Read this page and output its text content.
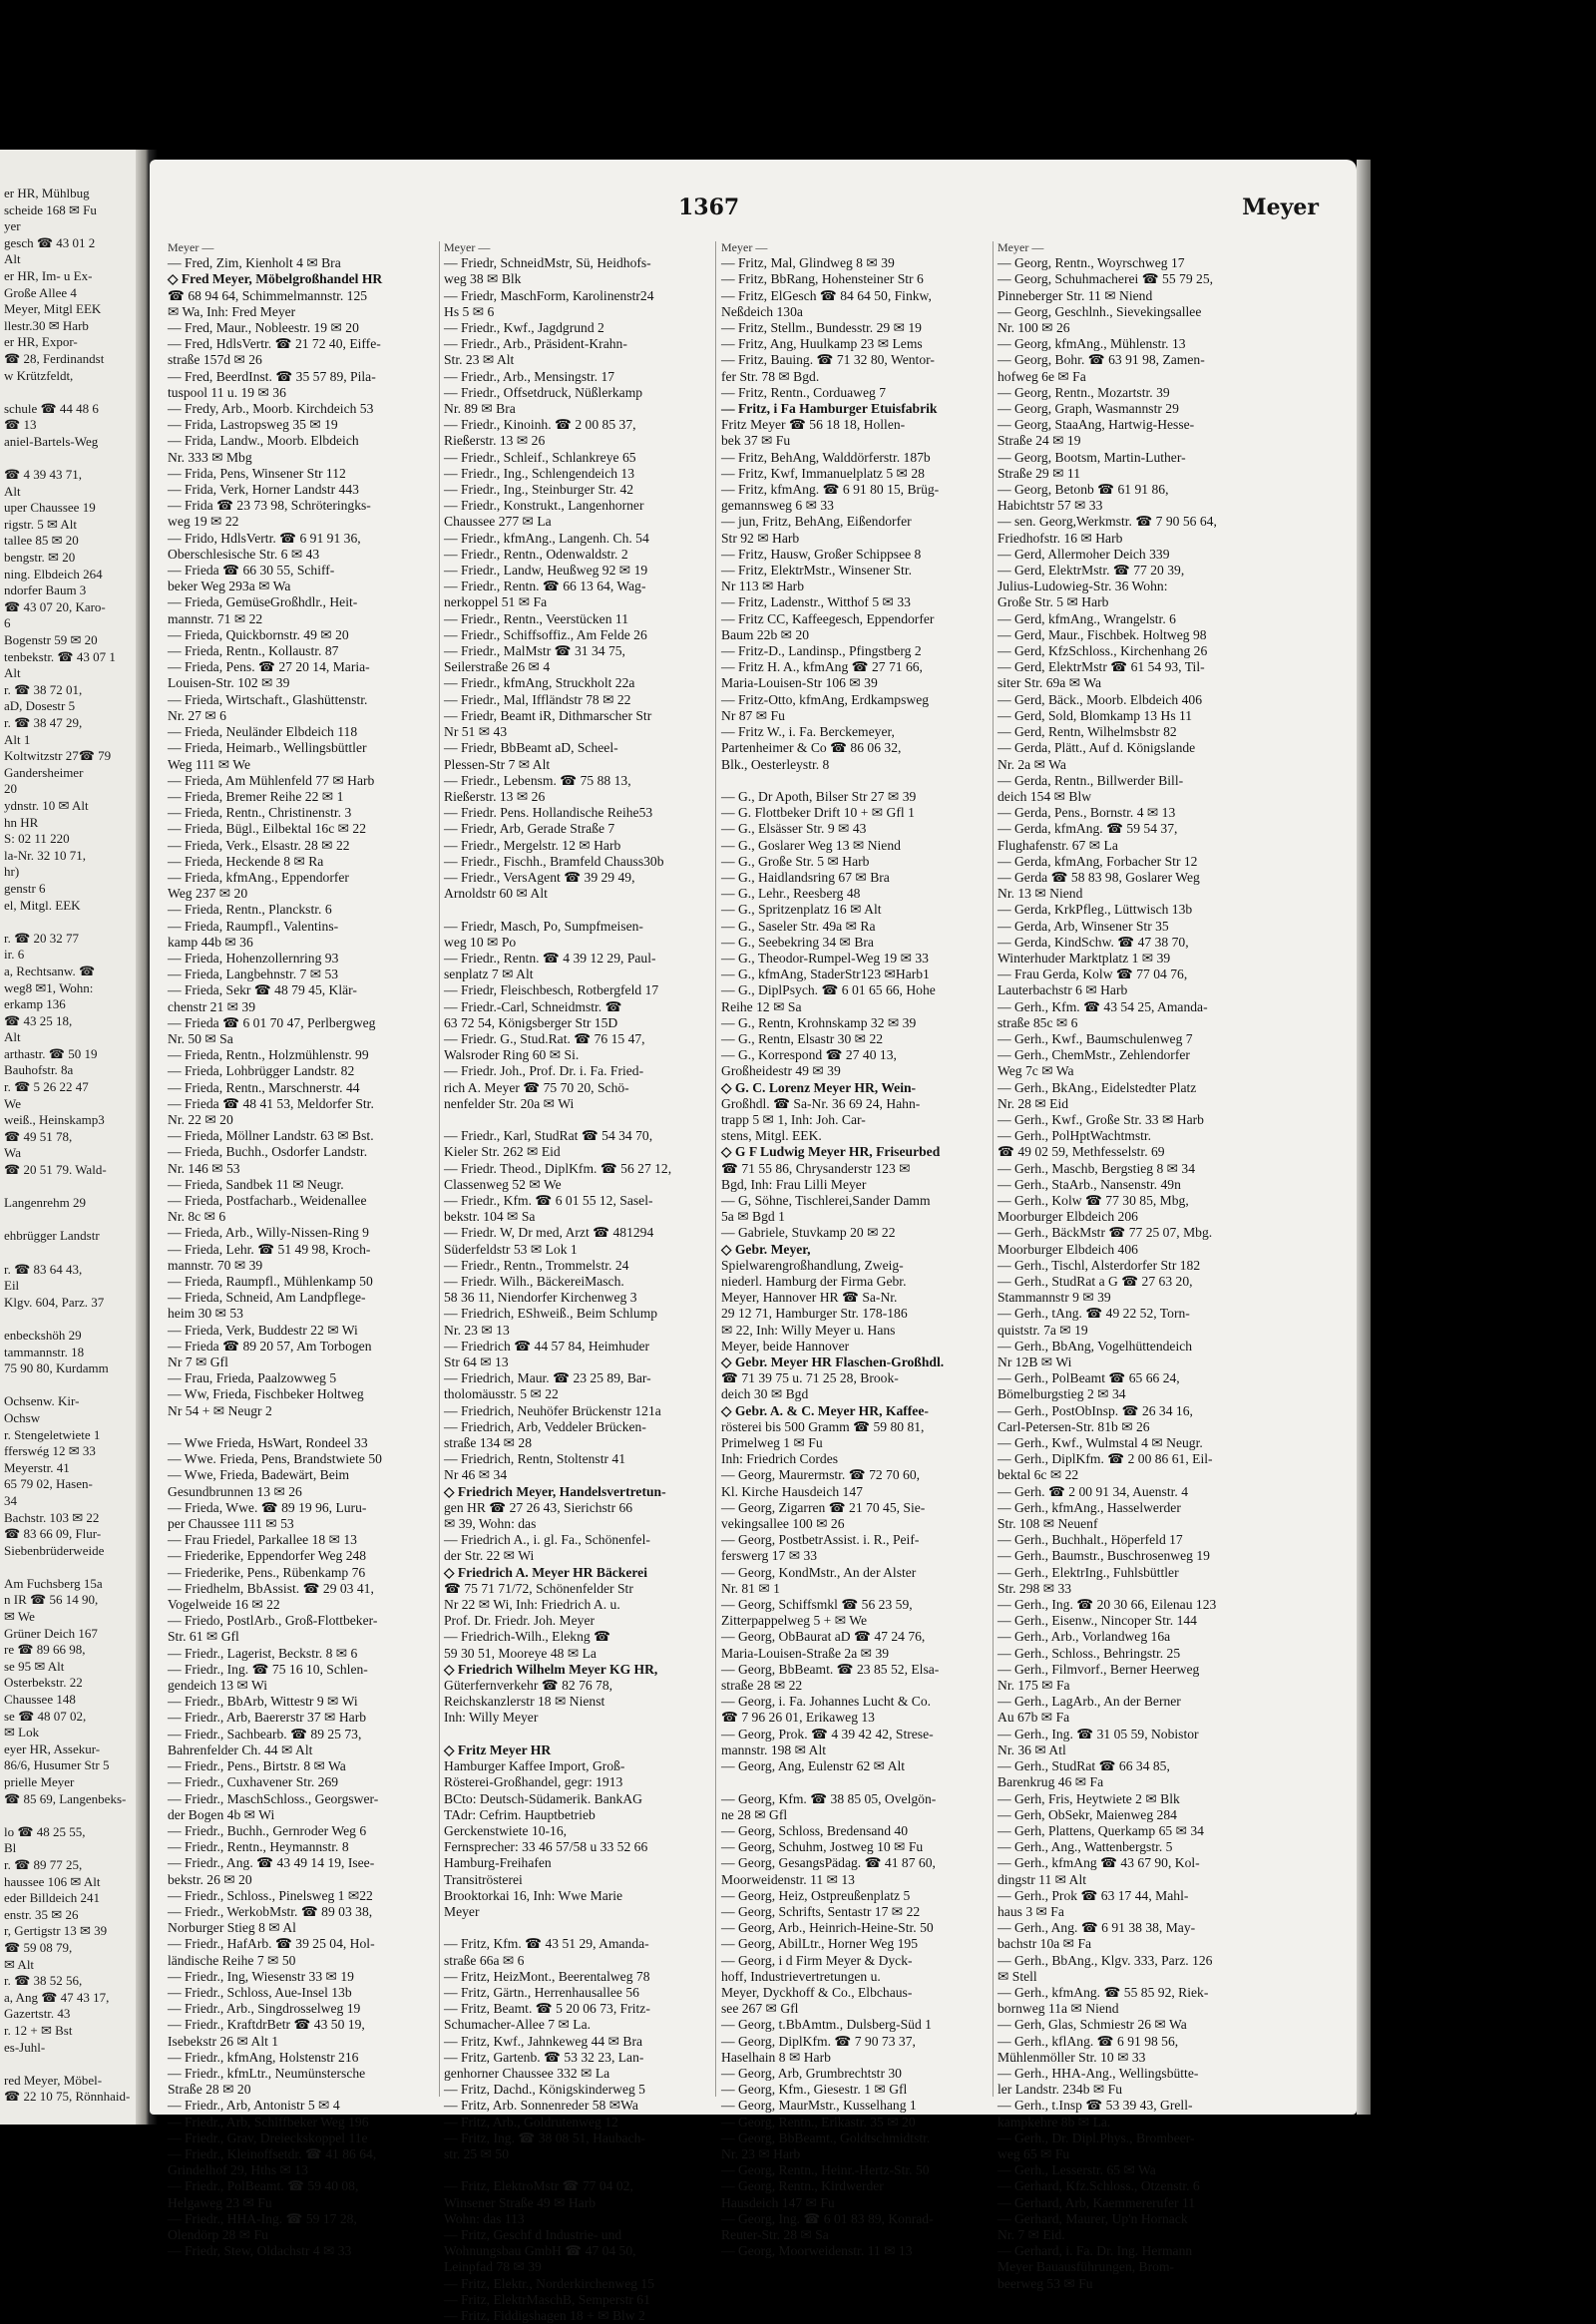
er HR, Mühlbug
scheide 168 ✉ Fu
yer
gesch ☎ 43 01 2
Alt
er HR, Im- u Ex-
Große Allee 4
Meyer, Mitgl EEK
llestr.30 ✉ Harb
er HR, Expor-
☎ 28, Ferdinandst
w Krützfeldt,

schule ☎ 44 48 6
☎ 13
aniel-Bartels-Weg

☎ 4 39 43 71,
Alt
uper Chaussee 19
rigstr. 5 ✉ Alt
tallee 85 ✉ 20
bengstr. ✉ 20
ning. Elbdeich 264
ndorfer Baum 3
☎ 43 07 20, Karo-
6
Bogenstr 59 ✉ 20
tenbekstr. ☎ 43 07 1
Alt
r. ☎ 38 72 01,
aD, Dosestr 5
r. ☎ 38 47 29,
Alt 1
Koltwitzstr 27☎ 79
Gandersheimer
20
ydnstr. 10 ✉ Alt
hn HR
S: 02 11 220
la-Nr. 32 10 71,
hr)
genstr 6
el, Mitgl. EEK

r. ☎ 20 32 77
ir. 6
a, Rechtsanw. ☎
weg8 ✉1, Wohn:
erkamp 136
☎ 43 25 18,
Alt
arthastr. ☎ 50 19
Bauhofstr. 8a
r. ☎ 5 26 22 47
We
weiß., Heinskamp3
☎ 49 51 78,
Wa
☎ 20 51 79. Wald-

Langenrehm 29

ehbrügger Landstr

r. ☎ 83 64 43,
Eil
Klgv. 604, Parz. 37

enbeckshöh 29
tammannstr. 18
75 90 80, Kurdamm

Ochsenw. Kir-
Ochsw
r. Stengeletwiete 1
fferswég 12 ✉ 33
Meyerstr. 41
65 79 02, Hasen-
34
Bachstr. 103 ✉ 22
☎ 83 66 09, Flur-
Siebenbrüderweide

Am Fuchsberg 15a
n IR ☎ 56 14 90,
✉ We
Grüner Deich 167
re ☎ 89 66 98,
se 95 ✉ Alt
Osterbekstr. 22
Chaussee 148
se ☎ 48 07 02,
✉ Lok
eyer HR, Assekur-
86/6, Husumer Str 5
prielle Meyer
☎ 85 69, Langenbeks-

lo ☎ 48 25 55,
Bl
r. ☎ 89 77 25,
haussee 106 ✉ Alt
eder Billdeich 241
enstr. 35 ✉ 26
r, Gertigstr 13 ✉ 39
☎ 59 08 79,
✉ Alt
r. ☎ 38 52 56,
a, Ang ☎ 47 43 17,
Gazertstr. 43
r. 12 + ✉ Bst
es-Juhl-

red Meyer, Möbel-
☎ 22 10 75, Rönnhaid-
1367	Meyer
Meyer —
— Fred, Zim, Kienholt 4 ✉ Bra
◇ Fred Meyer, Möbelgroßhandel HR
☎ 68 94 64, Schimmelmannstr. 125
✉ Wa, Inh: Fred Meyer
— Fred, Maur., Nobleestr. 19 ✉ 20
— Fred, HdlsVertr. ☎ 21 72 40, Eiffe-
straße 157d ✉ 26
— Fred, BeerdInst. ☎ 35 57 89, Pila-
tuspool 11 u. 19 ✉ 36
— Fredy, Arb., Moorb. Kirchdeich 53
— Frida, Lastropsweg 35 ✉ 19
— Frida, Landw., Moorb. Elbdeich
Nr. 333 ✉ Mbg
— Frida, Pens, Winsener Str 112
— Frida, Verk, Horner Landstr 443
— Frida ☎ 23 73 98, Schröteringks-
weg 19 ✉ 22
— Frido, HdlsVertr. ☎ 6 91 91 36,
Oberschlesische Str. 6 ✉ 43
— Frieda ☎ 66 30 55, Schiff-
beker Weg 293a ✉ Wa
— Frieda, GemüseGroßhdlr., Heit-
mannstr. 71 ✉ 22
— Frieda, Quickbornstr. 49 ✉ 20
— Frieda, Rentn., Kollaustr. 87
— Frieda, Pens. ☎ 27 20 14, Maria-
Louisen-Str. 102 ✉ 39
— Frieda, Wirtschaft., Glashüttenstr.
Nr. 27 ✉ 6
— Frieda, Neuländer Elbdeich 118
— Frieda, Heimarb., Wellingsbüttler
Weg 111 ✉ We
— Frieda, Am Mühlenfeld 77 ✉ Harb
— Frieda, Bremer Reihe 22 ✉ 1
— Frieda, Rentn., Christinenstr. 3
— Frieda, Bügl., Eilbektal 16c ✉ 22
— Frieda, Verk., Elsastr. 28 ✉ 22
— Frieda, Heckende 8 ✉ Ra
— Frieda, kfmAng., Eppendorfer
Weg 237 ✉ 20
— Frieda, Rentn., Planckstr. 6
— Frieda, Raumpfl., Valentins-
kamp 44b ✉ 36
— Frieda, Hohenzollernring 93
— Frieda, Langbehnstr. 7 ✉ 53
— Frieda, Sekr ☎ 48 79 45, Klär-
chenstr 21 ✉ 39
— Frieda ☎ 6 01 70 47, Perlbergweg
Nr. 50 ✉ Sa
— Frieda, Rentn., Holzmühlenstr. 99
— Frieda, Lohbrügger Landstr. 82
— Frieda, Rentn., Marschnerstr. 44
— Frieda ☎ 48 41 53, Meldorfer Str.
Nr. 22 ✉ 20
— Frieda, Möllner Landstr. 63 ✉ Bst.
— Frieda, Buchh., Osdorfer Landstr.
Nr. 146 ✉ 53
— Frieda, Sandbek 11 ✉ Neugr.
— Frieda, Postfacharb., Weidenallee
Nr. 8c ✉ 6
— Frieda, Arb., Willy-Nissen-Ring 9
— Frieda, Lehr. ☎ 51 49 98, Kroch-
mannstr. 70 ✉ 39
— Frieda, Raumpfl., Mühlenkamp 50
— Frieda, Schneid, Am Landpflege-
heim 30 ✉ 53
— Frieda, Verk, Buddestr 22 ✉ Wi
— Frieda ☎ 89 20 57, Am Torbogen
Nr 7 ✉ Gfl
— Frau, Frieda, Paalzowweg 5
— Ww, Frieda, Fischbeker Holtweg
Nr 54 + ✉ Neugr 2

— Wwe Frieda, HsWart, Rondeel 33
— Wwe. Frieda, Pens, Brandstwiete 50
— Wwe, Frieda, Badewärt, Beim
Gesundbrunnen 13 ✉ 26
— Frieda, Wwe. ☎ 89 19 96, Luru-
per Chaussee 111 ✉ 53
— Frau Friedel, Parkallee 18 ✉ 13
— Friederike, Eppendorfer Weg 248
— Friederike, Pens., Rübenkamp 76
— Friedhelm, BbAssist. ☎ 29 03 41,
Vogelweide 16 ✉ 22
— Friedo, PostlArb., Groß-Flottbeker-
Str. 61 ✉ Gfl
— Friedr., Lagerist, Beckstr. 8 ✉ 6
— Friedr., Ing. ☎ 75 16 10, Schlen-
gendeich 13 ✉ Wi
— Friedr., BbArb, Wittestr 9 ✉ Wi
— Friedr., Arb, Baererstr 37 ✉ Harb
— Friedr., Sachbearb. ☎ 89 25 73,
Bahrenfelder Ch. 44 ✉ Alt
— Friedr., Pens., Birtstr. 8 ✉ Wa
— Friedr., Cuxhavener Str. 269
— Friedr., MaschSchloss., Georgswer-
der Bogen 4b ✉ Wi
— Friedr., Buchh., Gernroder Weg 6
— Friedr., Rentn., Heymannstr. 8
— Friedr., Ang. ☎ 43 49 14 19, Isee-
bekstr. 26 ✉ 20
— Friedr., Schloss., Pinelsweg 1 ✉22
— Friedr., WerkobMstr. ☎ 89 03 38,
Norburger Stieg 8 ✉ Al
— Friedr., HafArb. ☎ 39 25 04, Hol-
ländische Reihe 7 ✉ 50
— Friedr., Ing, Wiesenstr 33 ✉ 19
— Friedr., Schloss, Aue-Insel 13b
— Friedr., Arb., Singdrosselweg 19
— Friedr., KraftdrBetr ☎ 43 50 19,
Isebekstr 26 ✉ Alt 1
— Friedr., kfmAng, Holstenstr 216
— Friedr., kfmLtr., Neumünstersche
Straße 28 ✉ 20
— Friedr., Arb, Antonistr 5 ✉ 4
— Friedr., Arb, Schiffbeker Weg 196
— Friedr., Grav, Dreieckskoppel 11e
— Friedr., Kleinoffsetdr. ☎ 41 86 64,
Grindelhof 29, Hths ✉ 13
— Friedr., PolBeamt. ☎ 59 40 08,
Helgaweg 23 ✉ Fu
— Friedr., HHA-Ing. ☎ 59 17 28,
Olendörp 28 ✉ Fu
— Friedr, Stew, Oldachstr 4 ✉ 33
Meyer —
— Friedr, SchneidMstr, Sü, Heidhofs-
weg 38 ✉ Blk
— Friedr, MaschForm, Karolinenstr24
Hs 5 ✉ 6
— Friedr., Kwf., Jagdgrund 2
— Friedr., Arb., Präsident-Krahn-
Str. 23 ✉ Alt
— Friedr., Arb., Mensingstr. 17
— Friedr., Offsetdruck, Nüßlerkamp
Nr. 89 ✉ Bra
— Friedr., Kinoinh. ☎ 2 00 85 37,
Rießerstr. 13 ✉ 26
— Friedr., Schleif., Schlankreye 65
— Friedr., Ing., Schlengendeich 13
— Friedr., Ing., Steinburger Str. 42
— Friedr., Konstrukt., Langenhorner
Chaussee 277 ✉ La
— Friedr., kfmAng., Langenh. Ch. 54
— Friedr., Rentn., Odenwaldstr. 2
— Friedr., Landw, Heußweg 92 ✉ 19
— Friedr., Rentn. ☎ 66 13 64, Wag-
nerkoppel 51 ✉ Fa
— Friedr., Rentn., Veerstücken 11
— Friedr., Schiffsoffiz., Am Felde 26
— Friedr., MalMstr ☎ 31 34 75,
Seilerstraße 26 ✉ 4
— Friedr., kfmAng, Struckholt 22a
— Friedr., Mal, Iffländstr 78 ✉ 22
— Friedr, Beamt iR, Dithmarscher Str
Nr 51 ✉ 43
— Friedr, BbBeamt aD, Scheel-
Plessen-Str 7 ✉ Alt
— Friedr., Lebensm. ☎ 75 88 13,
Rießerstr. 13 ✉ 26
— Friedr. Pens. Hollandische Reihe53
— Friedr, Arb, Gerade Straße 7
— Friedr., Mergelstr. 12 ✉ Harb
— Friedr., Fischh., Bramfeld Chauss30b
— Friedr., VersAgent ☎ 39 29 49,
Arnoldstr 60 ✉ Alt

— Friedr, Masch, Po, Sumpfmeisen-
weg 10 ✉ Po
— Friedr., Rentn. ☎ 4 39 12 29, Paul-
senplatz 7 ✉ Alt
— Friedr, Fleischbesch, Rotbergfeld 17
— Friedr.-Carl, Schneidmstr. ☎
63 72 54, Königsberger Str 15D
— Friedr. G., Stud.Rat. ☎ 76 15 47,
Walsroder Ring 60 ✉ Si.
— Friedr. Joh., Prof. Dr. i. Fa. Fried-
rich A. Meyer ☎ 75 70 20, Schö-
nenfelder Str. 20a ✉ Wi

— Friedr., Karl, StudRat ☎ 54 34 70,
Kieler Str. 262 ✉ Eid
— Friedr. Theod., DiplKfm. ☎ 56 27 12,
Classenweg 52 ✉ We
— Friedr., Kfm. ☎ 6 01 55 12, Sasel-
bekstr. 104 ✉ Sa
— Friedr. W, Dr med, Arzt ☎ 481294
Süderfeldstr 53 ✉ Lok 1
— Friedr., Rentn., Trommelstr. 24
— Friedr. Wilh., BäckereiMasch.
58 36 11, Niendorfer Kirchenweg 3
— Friedrich, EShweiß., Beim Schlump
Nr. 23 ✉ 13
— Friedrich ☎ 44 57 84, Heimhuder
Str 64 ✉ 13
— Friedrich, Maur. ☎ 23 25 89, Bar-
tholomäusstr. 5 ✉ 22
— Friedrich, Neuhöfer Brückenstr 121a
— Friedrich, Arb, Veddeler Brücken-
straße 134 ✉ 28
— Friedrich, Rentn, Stoltenstr 41
Nr 46 ✉ 34
◇ Friedrich Meyer, Handelsvertretun-
gen HR ☎ 27 26 43, Sierichstr 66
✉ 39, Wohn: das
— Friedrich A., i. gl. Fa., Schönenfel-
der Str. 22 ✉ Wi
◇ Friedrich A. Meyer HR Bäckerei
☎ 75 71 71/72, Schönenfelder Str
Nr 22 ✉ Wi, Inh: Friedrich A. u.
Prof. Dr. Friedr. Joh. Meyer
— Friedrich-Wilh., Elekng ☎
59 30 51, Mooreye 48 ✉ La
◇ Friedrich Wilhelm Meyer KG HR,
Güterfernverkehr ☎ 82 76 78,
Reichskanzlerstr 18 ✉ Nienst
Inh: Willy Meyer

◇ Fritz Meyer HR
Hamburger Kaffee Import, Groß-
Rösterei-Großhandel, gegr: 1913
BCto: Deutsch-Südamerik. BankAG
TAdr: Cefrim. Hauptbetrieb
Gerckenstwiete 10-16,
Fernsprecher: 33 46 57/58 u 33 52 66
Hamburg-Freihafen
Transitrösterei
Brooktorkai 16, Inh: Wwe Marie
Meyer

— Fritz, Kfm. ☎ 43 51 29, Amanda-
straße 66a ✉ 6
— Fritz, HeizMont., Beerentalweg 78
— Fritz, Gärtn., Herrenhausallee 56
— Fritz, Beamt. ☎ 5 20 06 73, Fritz-
Schumacher-Allee 7 ✉ La.
— Fritz, Kwf., Jahnkeweg 44 ✉ Bra
— Fritz, Gartenb. ☎ 53 32 23, Lan-
genhorner Chaussee 332 ✉ La
— Fritz, Dachd., Königskinderweg 5
— Fritz, Arb. Sonnenreder 58 ✉Wa
— Fritz, Arb., Goldrutenweg 12
— Fritz, Ing. ☎ 38 08 51, Haubach-
str. 25 ✉ 50

— Fritz, ElektroMstr ☎ 77 04 02,
Winsener Straße 49 ✉ Harb
Wohn: das 113
— Fritz, Geschf d Industrie- und
Wohnungsbau GmbH ☎ 47 04 50,
Leinpfad 78 ✉ 39
— Fritz, Elektr., Norderkirchenweg 15
— Fritz, ElektrMaschB, Semperstr 61
— Fritz, Fiddigshagen 18 + ✉ Blw 2
Meyer —
— Fritz, Mal, Glindweg 8 ✉ 39
— Fritz, BbRang, Hohensteiner Str 6
— Fritz, ElGesch ☎ 84 64 50, Finkw,
Neßdeich 130a
— Fritz, Stellm., Bundesstr. 29 ✉ 19
— Fritz, Ang, Huulkamp 23 ✉ Lems
— Fritz, Bauing. ☎ 71 32 80, Wentor-
fer Str. 78 ✉ Bgd.
— Fritz, Rentn., Corduaweg 7
— Fritz, i Fa Hamburger Etuisfabrik
Fritz Meyer ☎ 56 18 18, Hollen-
bek 37 ✉ Fu
— Fritz, BehAng, Walddörferstr. 187b
— Fritz, Kwf, Immanuelplatz 5 ✉ 28
— Fritz, kfmAng. ☎ 6 91 80 15, Brüg-
gemannsweg 6 ✉ 33
— jun, Fritz, BehAng, Eißendorfer
Str 92 ✉ Harb
— Fritz, Hausw, Großer Schippsee 8
— Fritz, ElektrMstr., Winsener Str.
Nr 113 ✉ Harb
— Fritz, Ladenstr., Witthof 5 ✉ 33
— Fritz CC, Kaffeegesch, Eppendorfer
Baum 22b ✉ 20
— Fritz-D., Landinsp., Pfingstberg 2
— Fritz H. A., kfmAng ☎ 27 71 66,
Maria-Louisen-Str 106 ✉ 39
— Fritz-Otto, kfmAng, Erdkampsweg
Nr 87 ✉ Fu
— Fritz W., i. Fa. Berckemeyer,
Partenheimer & Co ☎ 86 06 32,
Blk., Oesterleystr. 8

— G., Dr Apoth, Bilser Str 27 ✉ 39
— G. Flottbeker Drift 10 + ✉ Gfl 1
— G., Elsässer Str. 9 ✉ 43
— G., Goslarer Weg 13 ✉ Niend
— G., Große Str. 5 ✉ Harb
— G., Haidlandsring 67 ✉ Bra
— G., Lehr., Reesberg 48
— G., Spritzenplatz 16 ✉ Alt
— G., Saseler Str. 49a ✉ Ra
— G., Seebekring 34 ✉ Bra
— G., Theodor-Rumpel-Weg 19 ✉ 33
— G., kfmAng, StaderStr123 ✉Harb1
— G., DiplPsych. ☎ 6 01 65 66, Hohe
Reihe 12 ✉ Sa
— G., Rentn, Krohnskamp 32 ✉ 39
— G., Rentn, Elsastr 30 ✉ 22
— G., Korrespond ☎ 27 40 13,
Großheidestr 49 ✉ 39
◇ G. C. Lorenz Meyer HR, Wein-
Großhdl. ☎ Sa-Nr. 36 69 24, Hahn-
trapp 5 ✉ 1, Inh: Joh. Car-
stens, Mitgl. EEK.
◇ G F Ludwig Meyer HR, Friseurbed
☎ 71 55 86, Chrysanderstr 123 ✉
Bgd, Inh: Frau Lilli Meyer
— G, Söhne, Tischlerei,Sander Damm
5a ✉ Bgd 1
— Gabriele, Stuvkamp 20 ✉ 22
◇ Gebr. Meyer,
Spielwarengroßhandlung, Zweig-
niederl. Hamburg der Firma Gebr.
Meyer, Hannover HR ☎ Sa-Nr.
29 12 71, Hamburger Str. 178-186
✉ 22, Inh: Willy Meyer u. Hans
Meyer, beide Hannover
◇ Gebr. Meyer HR Flaschen-Großhdl.
☎ 71 39 75 u. 71 25 28, Brook-
deich 30 ✉ Bgd
◇ Gebr. A. & C. Meyer HR, Kaffee-
rösterei bis 500 Gramm ☎ 59 80 81,
Primelweg 1 ✉ Fu
Inh: Friedrich Cordes
— Georg, Maurermstr. ☎ 72 70 60,
Kl. Kirche Hausdeich 147
— Georg, Zigarren ☎ 21 70 45, Sie-
vekingsallee 100 ✉ 26
— Georg, PostbetrAssist. i. R., Peif-
ferswerg 17 ✉ 33
— Georg, KondMstr., An der Alster
Nr. 81 ✉ 1
— Georg, Schiffsmkl ☎ 56 23 59,
Zitterpappelweg 5 + ✉ We
— Georg, ObBaurat aD ☎ 47 24 76,
Maria-Louisen-Straße 2a ✉ 39
— Georg, BbBeamt. ☎ 23 85 52, Elsa-
straße 28 ✉ 22
— Georg, i. Fa. Johannes Lucht & Co.
☎ 7 96 26 01, Erikaweg 13
— Georg, Prok. ☎ 4 39 42 42, Strese-
mannstr. 198 ✉ Alt
— Georg, Ang, Eulenstr 62 ✉ Alt

— Georg, Kfm. ☎ 38 85 05, Ovelgön-
ne 28 ✉ Gfl
— Georg, Schloss, Bredensand 40
— Georg, Schuhm, Jostweg 10 ✉ Fu
— Georg, GesangsPädag. ☎ 41 87 60,
Moorweidenstr. 11 ✉ 13
— Georg, Heiz, Ostpreußenplatz 5
— Georg, Schrifts, Sentastr 17 ✉ 22
— Georg, Arb., Heinrich-Heine-Str. 50
— Georg, AbilLtr., Horner Weg 195
— Georg, i d Firm Meyer & Dyck-
hoff, Industrievertretungen u.
Meyer, Dyckhoff & Co., Elbchaus-
see 267 ✉ Gfl
— Georg, t.BbAmtm., Dulsberg-Süd 1
— Georg, DiplKfm. ☎ 7 90 73 37,
Haselhain 8 ✉ Harb
— Georg, Arb, Grumbrechtstr 30
— Georg, Kfm., Giesestr. 1 ✉ Gfl
— Georg, MaurMstr., Kusselhang 1
— Georg, Rentn., Erikastr. 35 ✉ 20
— Georg, BbBeamt., Goldtschmidtstr.
Nr. 23 ✉ Harb
— Georg, Rentn., Heinr.-Hertz-Str. 50
— Georg, Rentn., Kirdwerder
Hausdeich 147 ✉ Fu
— Georg, Ing. ☎ 6 01 83 89, Konrad-
Reuter-Str. 28 ✉ Sa
— Georg, Moorweidenstr. 11 ✉ 13
Meyer —
— Georg, Rentn., Woyrschweg 17
— Georg, Schuhmacherei ☎ 55 79 25,
Pinneberger Str. 11 ✉ Niend
— Georg, Geschlnh., Sievekingsallee
Nr. 100 ✉ 26
— Georg, kfmAng., Mühlenstr. 13
— Georg, Bohr. ☎ 63 91 98, Zamen-
hofweg 6e ✉ Fa
— Georg, Rentn., Mozartstr. 39
— Georg, Graph, Wasmannstr 29
— Georg, StaaAng, Hartwig-Hesse-
Straße 24 ✉ 19
— Georg, Bootsm, Martin-Luther-
Straße 29 ✉ 11
— Georg, Betonb ☎ 61 91 86,
Habichtstr 57 ✉ 33
— sen. Georg,Werkmstr. ☎ 7 90 56 64,
Friedhofstr. 16 ✉ Harb
— Gerd, Allermoher Deich 339
— Gerd, ElektrMstr. ☎ 77 20 39,
Julius-Ludowieg-Str. 36 Wohn:
Große Str. 5 ✉ Harb
— Gerd, kfmAng., Wrangelstr. 6
— Gerd, Maur., Fischbek. Holtweg 98
— Gerd, KfzSchloss., Kirchenhang 26
— Gerd, ElektrMstr ☎ 61 54 93, Til-
siter Str. 69a ✉ Wa
— Gerd, Bäck., Moorb. Elbdeich 406
— Gerd, Sold, Blomkamp 13 Hs 11
— Gerd, Rentn, Wilhelmsbstr 82
— Gerda, Plätt., Auf d. Königslande
Nr. 2a ✉ Wa
— Gerda, Rentn., Billwerder Bill-
deich 154 ✉ Blw
— Gerda, Pens., Bornstr. 4 ✉ 13
— Gerda, kfmAng. ☎ 59 54 37,
Flughafenstr. 67 ✉ La
— Gerda, kfmAng, Forbacher Str 12
— Gerda ☎ 58 83 98, Goslarer Weg
Nr. 13 ✉ Niend
— Gerda, KrkPfleg., Lüttwisch 13b
— Gerda, Arb, Winsener Str 35
— Gerda, KindSchw. ☎ 47 38 70,
Winterhuder Marktplatz 1 ✉ 39
— Frau Gerda, Kolw ☎ 77 04 76,
Lauterbachstr 6 ✉ Harb
— Gerh., Kfm. ☎ 43 54 25, Amanda-
straße 85c ✉ 6
— Gerh., Kwf., Baumschulenweg 7
— Gerh., ChemMstr., Zehlendorfer
Weg 7c ✉ Wa
— Gerh., BkAng., Eidelstedter Platz
Nr. 28 ✉ Eid
— Gerh., Kwf., Große Str. 33 ✉ Harb
— Gerh., PolHptWachtmstr.
☎ 49 02 59, Methfesselstr. 69
— Gerh., Maschb, Bergstieg 8 ✉ 34
— Gerh., StaArb., Nansenstr. 49n
— Gerh., Kolw ☎ 77 30 85, Mbg,
Moorburger Elbdeich 206
— Gerh., BäckMstr ☎ 77 25 07, Mbg.
Moorburger Elbdeich 406
— Gerh., Tischl, Alsterdorfer Str 182
— Gerh., StudRat a G ☎ 27 63 20,
Stammannstr 9 ✉ 39
— Gerh., tAng. ☎ 49 22 52, Torn-
quiststr. 7a ✉ 19
— Gerh., BbAng, Vogelhüttendeich
Nr 12B ✉ Wi
— Gerh., PolBeamt ☎ 65 66 24,
Bömelburgstieg 2 ✉ 34
— Gerh., PostObInsp. ☎ 26 34 16,
Carl-Petersen-Str. 81b ✉ 26
— Gerh., Kwf., Wulmstal 4 ✉ Neugr.
— Gerh., DiplKfm. ☎ 2 00 86 61, Eil-
bektal 6c ✉ 22
— Gerh. ☎ 2 00 91 34, Auenstr. 4
— Gerh., kfmAng., Hasselwerder
Str. 108 ✉ Neuenf
— Gerh., Buchhalt., Höperfeld 17
— Gerh., Baumstr., Buschrosenweg 19
— Gerh., ElektrIng., Fuhlsbüttler
Str. 298 ✉ 33
— Gerh., Ing. ☎ 20 30 66, Eilenau 123
— Gerh., Eisenw., Nincoper Str. 144
— Gerh., Arb., Vorlandweg 16a
— Gerh., Schloss., Behringstr. 25
— Gerh., Filmvorf., Berner Heerweg
Nr. 175 ✉ Fa
— Gerh., LagArb., An der Berner
Au 67b ✉ Fa
— Gerh., Ing. ☎ 31 05 59, Nobistor
Nr. 36 ✉ Atl
— Gerh., StudRat ☎ 66 34 85,
Barenkrug 46 ✉ Fa
— Gerh, Fris, Heytwiete 2 ✉ Blk
— Gerh, ObSekr, Maienweg 284
— Gerh, Plattens, Querkamp 65 ✉ 34
— Gerh., Ang., Wattenbergstr. 5
— Gerh., kfmAng ☎ 43 67 90, Kol-
dingstr 11 ✉ Alt
— Gerh., Prok ☎ 63 17 44, Mahl-
haus 3 ✉ Fa
— Gerh., Ang. ☎ 6 91 38 38, May-
bachstr 10a ✉ Fa
— Gerh., BbAng., Klgv. 333, Parz. 126
✉ Stell
— Gerh., kfmAng. ☎ 55 85 92, Riek-
bornweg 11a ✉ Niend
— Gerh, Glas, Schmiestr 26 ✉ Wa
— Gerh., kflAng. ☎ 6 91 98 56,
Mühlenmöller Str. 10 ✉ 33
— Gerh., HHA-Ang., Wellingsbütte-
ler Landstr. 234b ✉ Fu
— Gerh., t.Insp ☎ 53 39 43, Grell-
kampkehre 8b ✉ La.
— Gerh., Dr. Dipl.Phys., Brombeer-
weg 65 ✉ Fu
— Gerh., Lesserstr. 65 ✉ Wa
— Gerhard, Kfz.Schloss., Otzenstr. 6
— Gerhard, Arb, Kaemmererufer 11
— Gerhard, Maurer, Up'n Hornack
Nr. 7 ✉ Eid.
— Gerhard, i. Fa. Dr. Ing. Hermann
Meyer Bauausführungen, Brom-
beerweg 53 ✉ Fu
